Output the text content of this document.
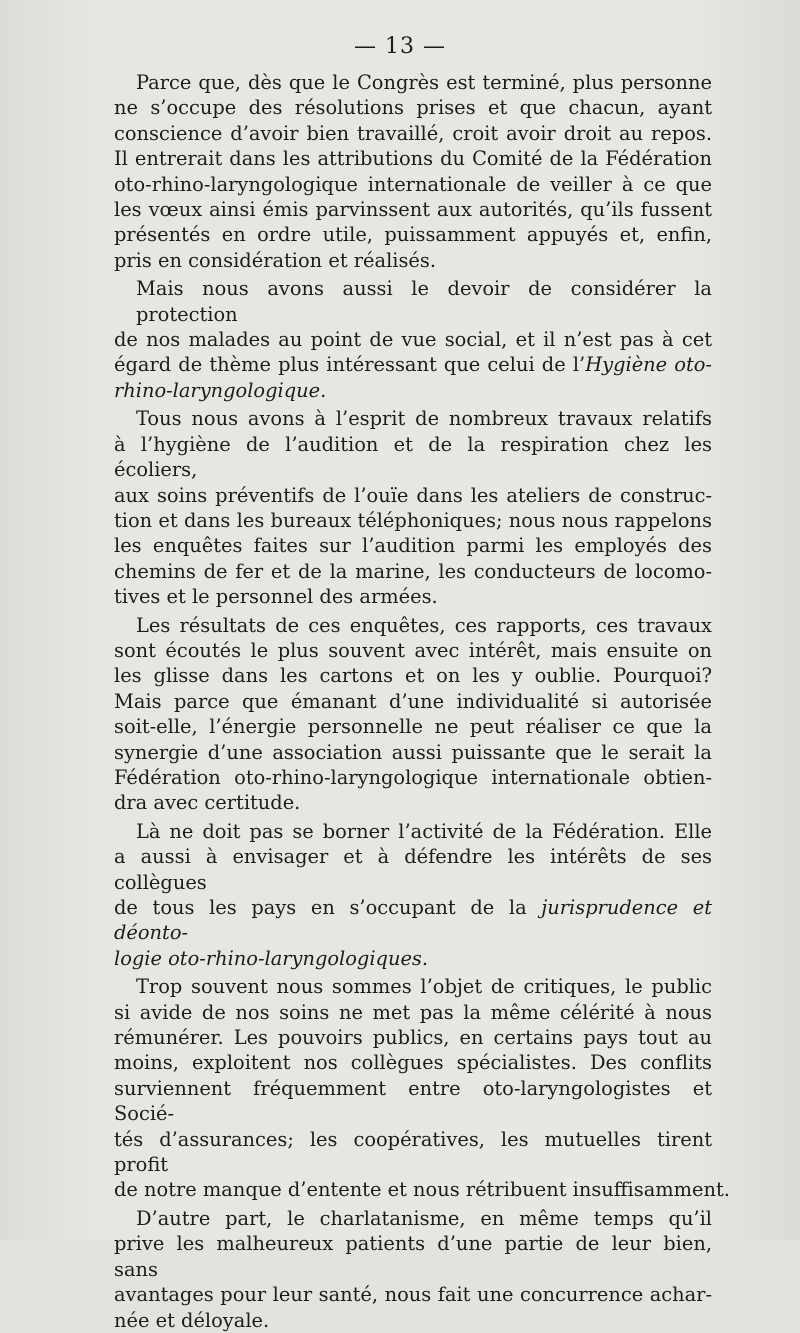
— 13 —
Parce que, dès que le Congrès est terminé, plus personne
ne s’occupe des résolutions prises et que chacun, ayant
conscience d’avoir bien travaillé, croit avoir droit au repos.
Il entrerait dans les attributions du Comité de la Fédération
oto-rhino-laryngologique internationale de veiller à ce que
les vœux ainsi émis parvinssent aux autorités, qu’ils fussent
présentés en ordre utile, puissamment appuyés et, enfin,
pris en considération et réalisés.
Mais nous avons aussi le devoir de considérer la protection
de nos malades au point de vue social, et il n’est pas à cet
égard de thème plus intéressant que celui de l’Hygiène oto-
rhino-laryngologique.
Tous nous avons à l’esprit de nombreux travaux relatifs
à l’hygiène de l’audition et de la respiration chez les écoliers,
aux soins préventifs de l’ouïe dans les ateliers de construc-
tion et dans les bureaux téléphoniques; nous nous rappelons
les enquêtes faites sur l’audition parmi les employés des
chemins de fer et de la marine, les conducteurs de locomo-
tives et le personnel des armées.
Les résultats de ces enquêtes, ces rapports, ces travaux
sont écoutés le plus souvent avec intérêt, mais ensuite on
les glisse dans les cartons et on les y oublie. Pourquoi?
Mais parce que émanant d’une individualité si autorisée
soit-elle, l’énergie personnelle ne peut réaliser ce que la
synergie d’une association aussi puissante que le serait la
Fédération oto-rhino-laryngologique internationale obtien-
dra avec certitude.
Là ne doit pas se borner l’activité de la Fédération. Elle
a aussi à envisager et à défendre les intérêts de ses collègues
de tous les pays en s’occupant de la jurisprudence et déonto-
logie oto-rhino-laryngologiques.
Trop souvent nous sommes l’objet de critiques, le public
si avide de nos soins ne met pas la même célérité à nous
rémunérer. Les pouvoirs publics, en certains pays tout au
moins, exploitent nos collègues spécialistes. Des conflits
surviennent fréquemment entre oto-laryngologistes et Socié-
tés d’assurances; les coopératives, les mutuelles tirent profit
de notre manque d’entente et nous rétribuent insuffisamment.
D’autre part, le charlatanisme, en même temps qu’il
prive les malheureux patients d’une partie de leur bien, sans
avantages pour leur santé, nous fait une concurrence achar-
née et déloyale.
